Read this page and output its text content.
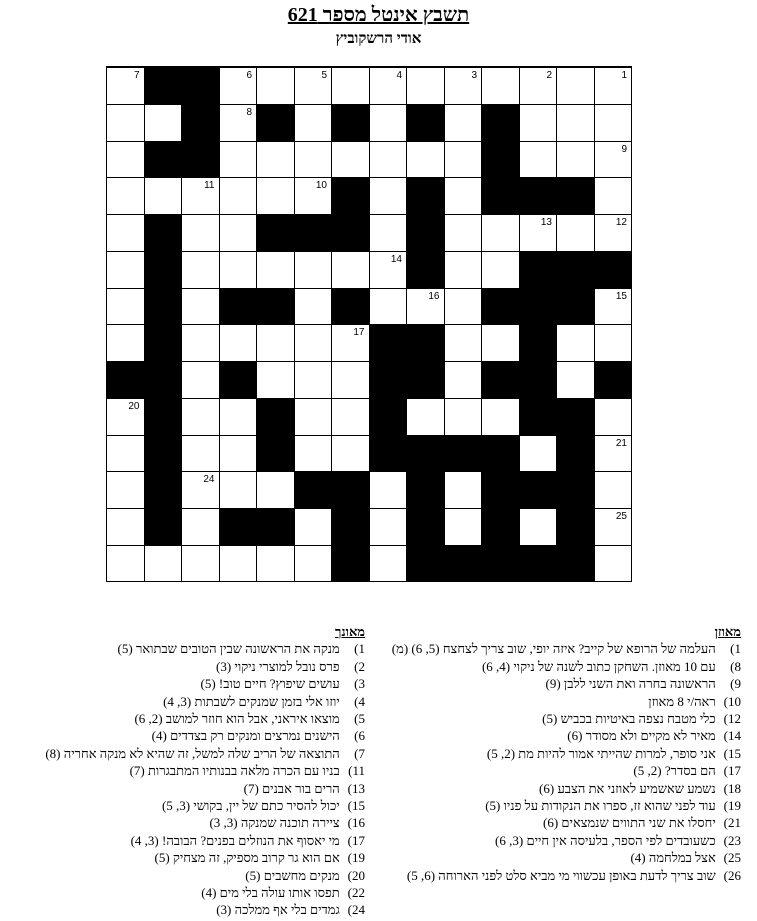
תשבץ אינטל מספר 621
אודי הרשקוביץ
1
2
3
4
5
6
7
8
9
10
11
12
13
14
15
16
17
18
19
20
21
22
23
24
25
26
מאוזן
1) העלמה של הרופא של קייב? איזה יופי, שוב צריך לצחצח (5, 6) (מ)
8) עם 10 מאוזן. השחקן כתוב לשנה של ניקוי (4, 6)
9) הראשונה בחרה ואת השני ללבן (9)
10) ראה/י 8 מאוזן
12) כלי מטבח נצפה באיטיות בכביש (5)
14) מאיר לא מקיים ולא מסודר (6)
15) אני סופר, למרות שהייתי אמור להיות מת (2, 5)
17) הם בסדר? (2, 5)
18) נשמע שאשמיע לאוזני את הצבע (6)
19) עוד לפני שהוא זז, ספרו את הנקודות על פניו (5)
21) יחסלו את שני התווים שנמצאים (6)
23) כשעובדים לפי הספר, בלעיסה אין חיים (3, 6)
25) אצל במלחמה (4)
26) שוב צריך לדעת באופן עכשווי מי מביא סלט לפני הארוחה (6, 5)
מאונך
1) מנקה את הראשונה שבין הטובים שבתואר (5)
2) פרס נובל למוצרי ניקוי (3)
3) עושים שיפוץ? חיים טוב! (5)
4) יוזו אלי בזמן שמנקים לשבתות (3, 4)
5) מוצאו איראני, אבל הוא חוזר למושב (2, 6)
6) הישנים נמרצים ומנקים רק בצדדים (4)
7) התוצאה של הריב שלה למשל, זה שהיא לא מנקה אחריה (8)
11) בניו עם הכרה מלאה בבנותיו המתבגרות (7)
13) הרים בור אבנים (7)
15) יכול להסיר כתם של יין, בקושי (3, 5)
16) ציירה תוכנה שמנקה (3, 3)
17) מי יאסוף את הנוזלים בפנים? הבובה! (3, 4)
19) אם הוא גר קרוב מספיק, זה מצחיק (5)
20) מנקים מחשבים (5)
22) תפסו אותו עולה בלי מים (4)
24) גמדים בלי אף ממלכה (3)
